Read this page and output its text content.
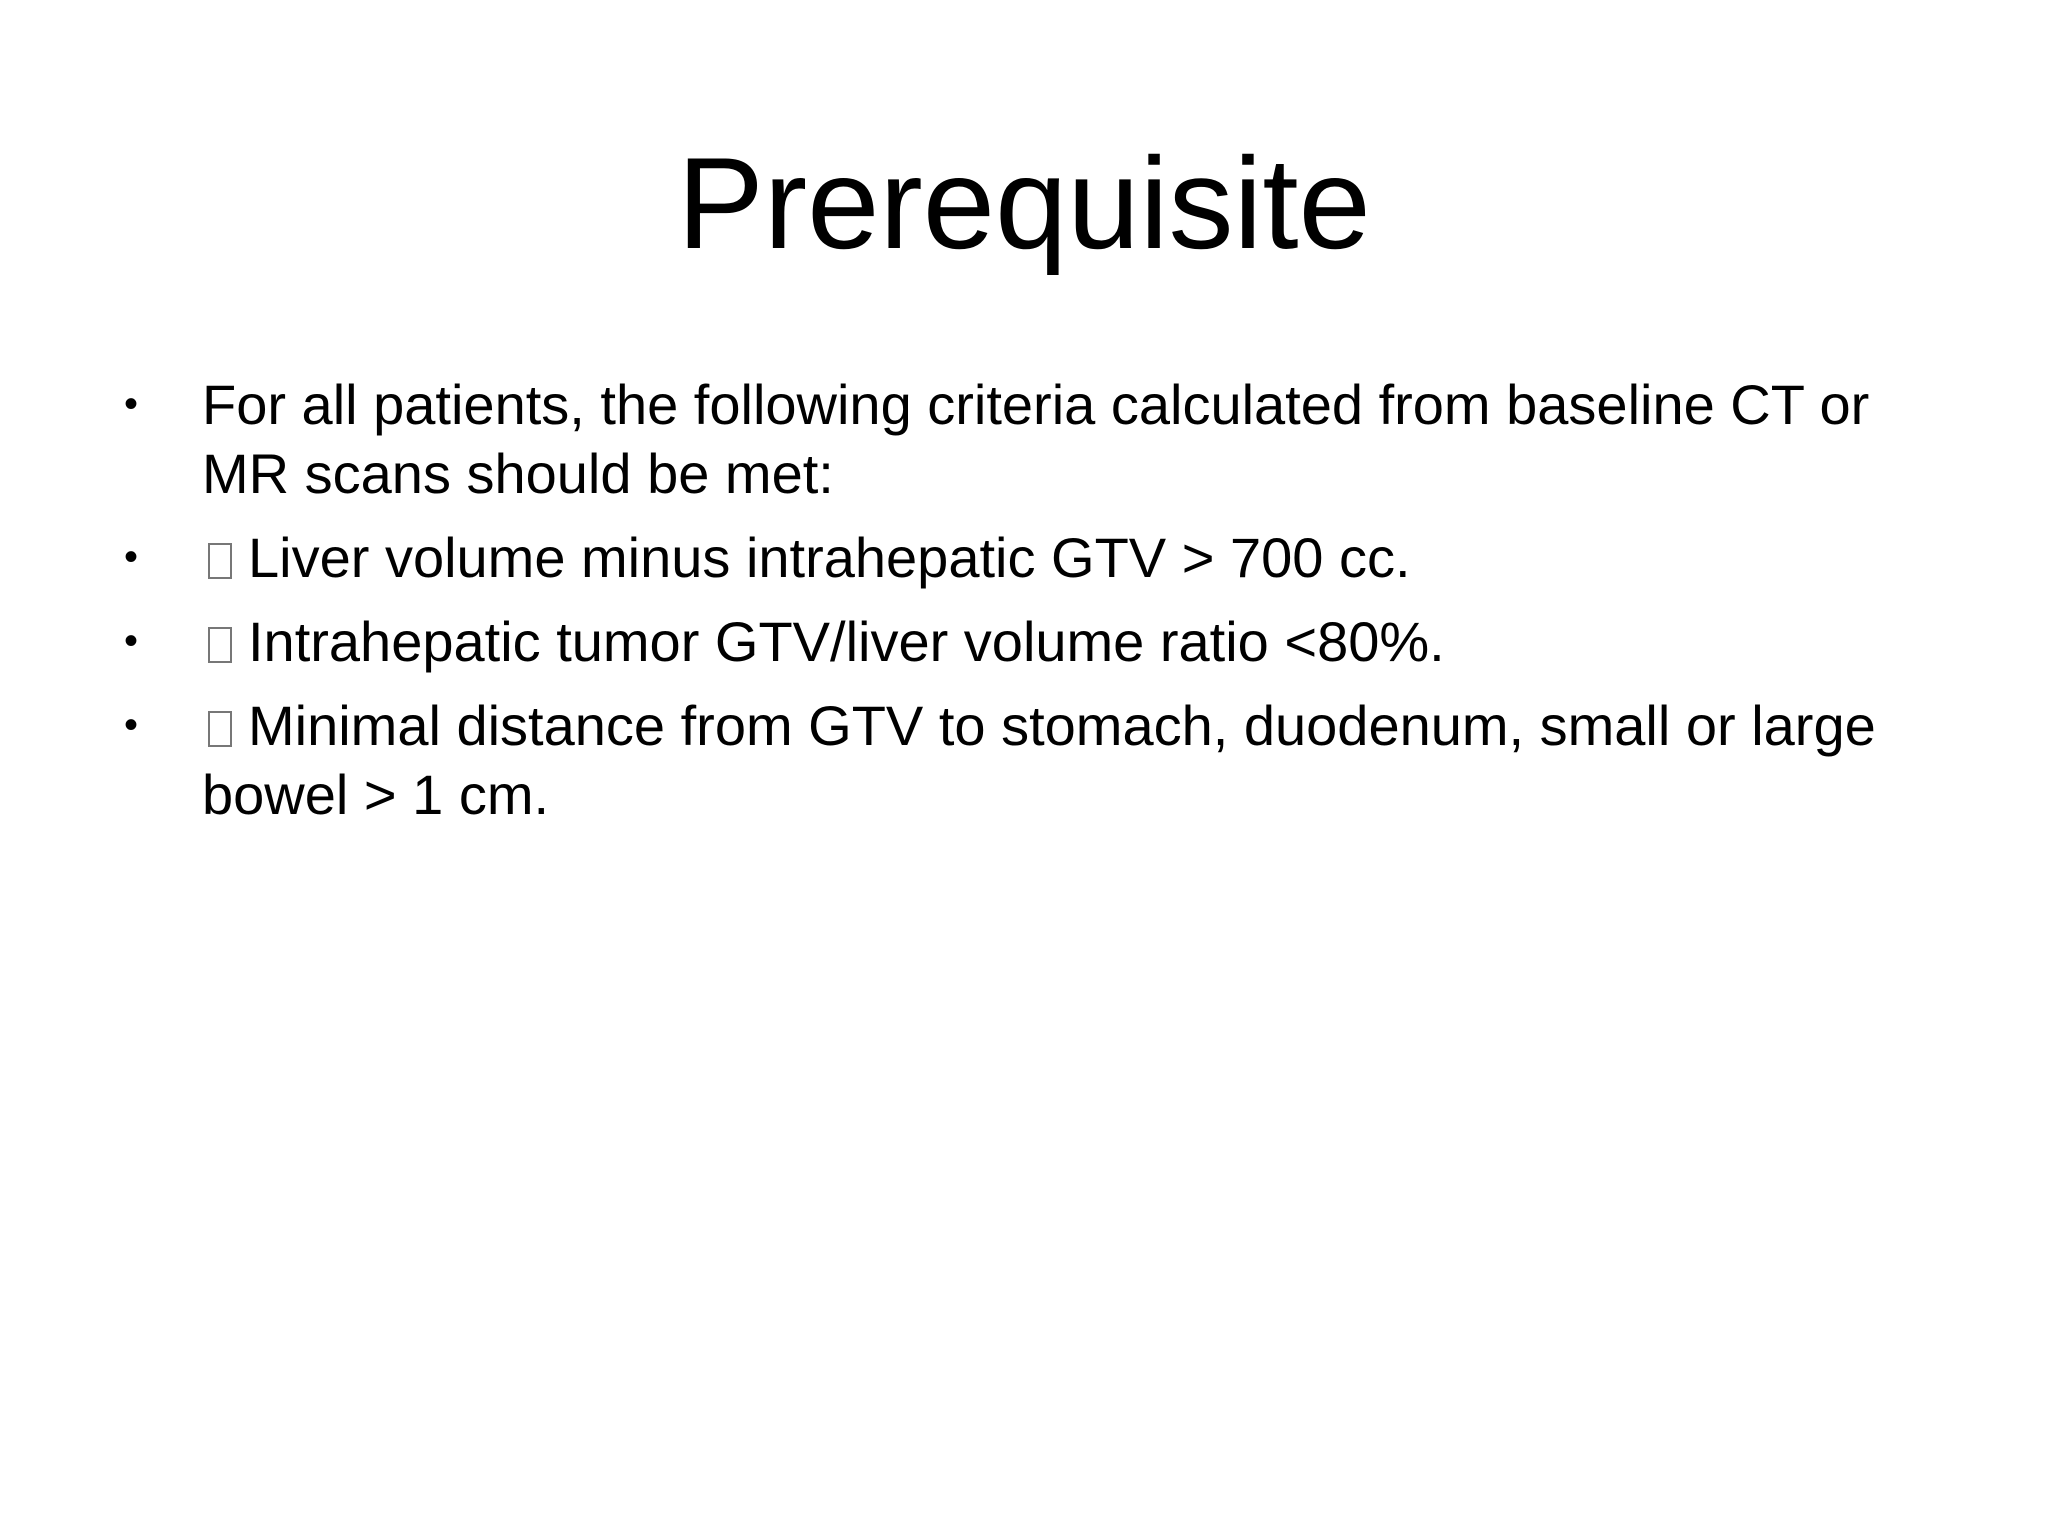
Prerequisite
• For all patients, the following criteria calculated from baseline CT or MR scans should be met:
• Liver volume minus intrahepatic GTV > 700 cc.
• Intrahepatic tumor GTV/liver volume ratio <80%.
• Minimal distance from GTV to stomach, duodenum, small or large bowel > 1 cm.
